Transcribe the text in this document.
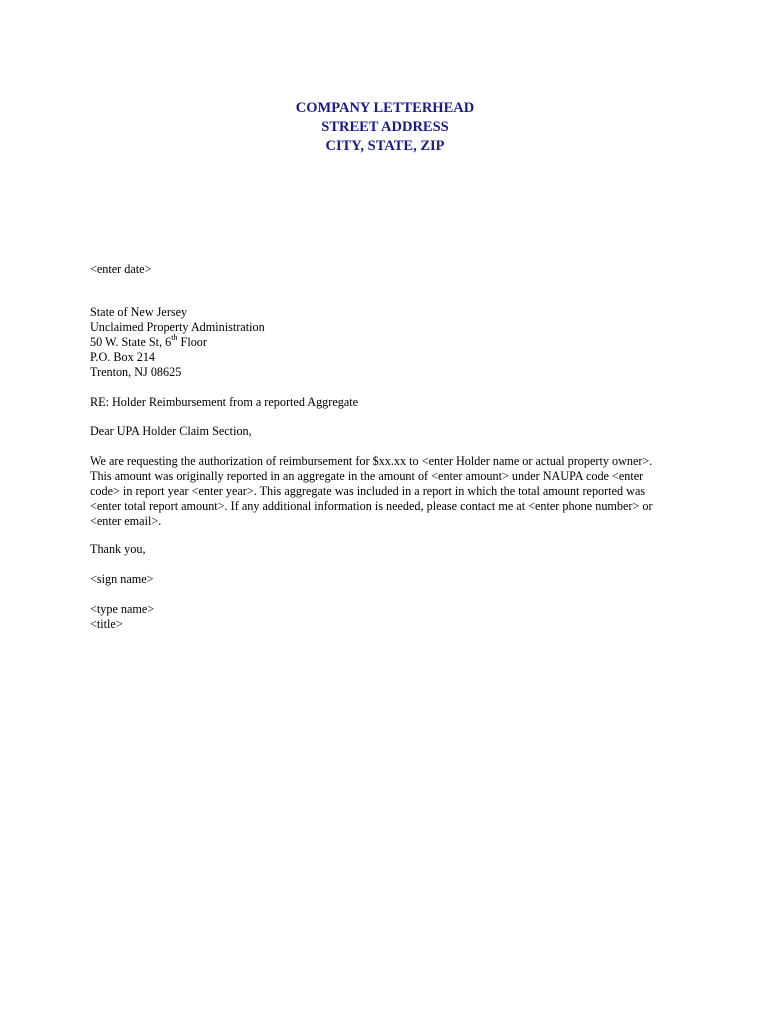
COMPANY LETTERHEAD
STREET ADDRESS
CITY, STATE, ZIP
<enter date>
State of New Jersey
Unclaimed Property Administration
50 W. State St, 6th Floor
P.O. Box 214
Trenton, NJ 08625
RE: Holder Reimbursement from a reported Aggregate
Dear UPA Holder Claim Section,
We are requesting the authorization of reimbursement for $xx.xx to <enter Holder name or actual property owner>.
This amount was originally reported in an aggregate in the amount of <enter amount> under NAUPA code <enter
code> in report year <enter year>. This aggregate was included in a report in which the total amount reported was
<enter total report amount>. If any additional information is needed, please contact me at <enter phone number> or
<enter email>.
Thank you,
<sign name>
<type name>
<title>
